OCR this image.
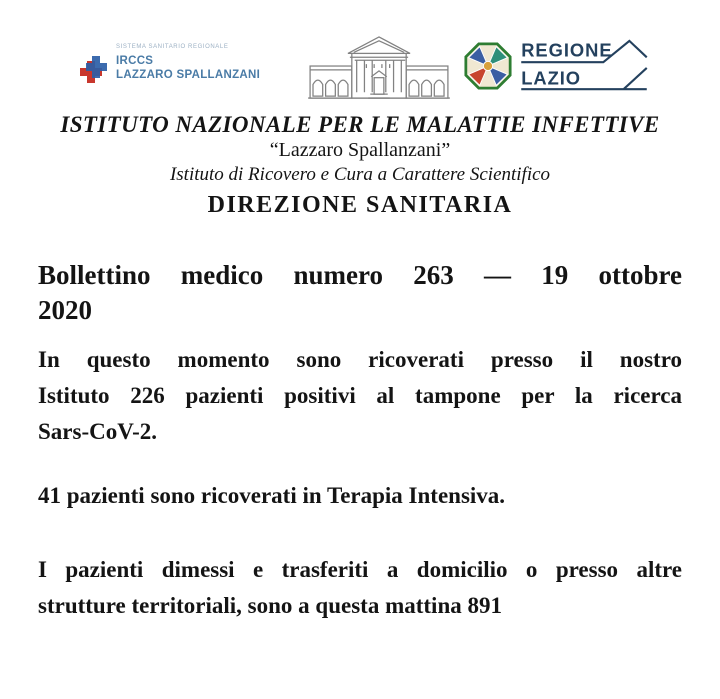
SISTEMA SANITARIO REGIONALE
IRCCS
LAZZARO SPALLANZANI
REGIONE
LAZIO
ISTITUTO NAZIONALE PER LE MALATTIE INFETTIVE
“Lazzaro Spallanzani”
Istituto di Ricovero e Cura a Carattere Scientifico
DIREZIONE SANITARIA
Bollettino medico numero 263 — 19 ottobre
2020

In questo momento sono ricoverati presso il nostro
Istituto 226 pazienti positivi al tampone per la ricerca
Sars-CoV-2.

41 pazienti sono ricoverati in Terapia Intensiva.

I pazienti dimessi e trasferiti a domicilio o presso altre
strutture territoriali, sono a questa mattina 891
